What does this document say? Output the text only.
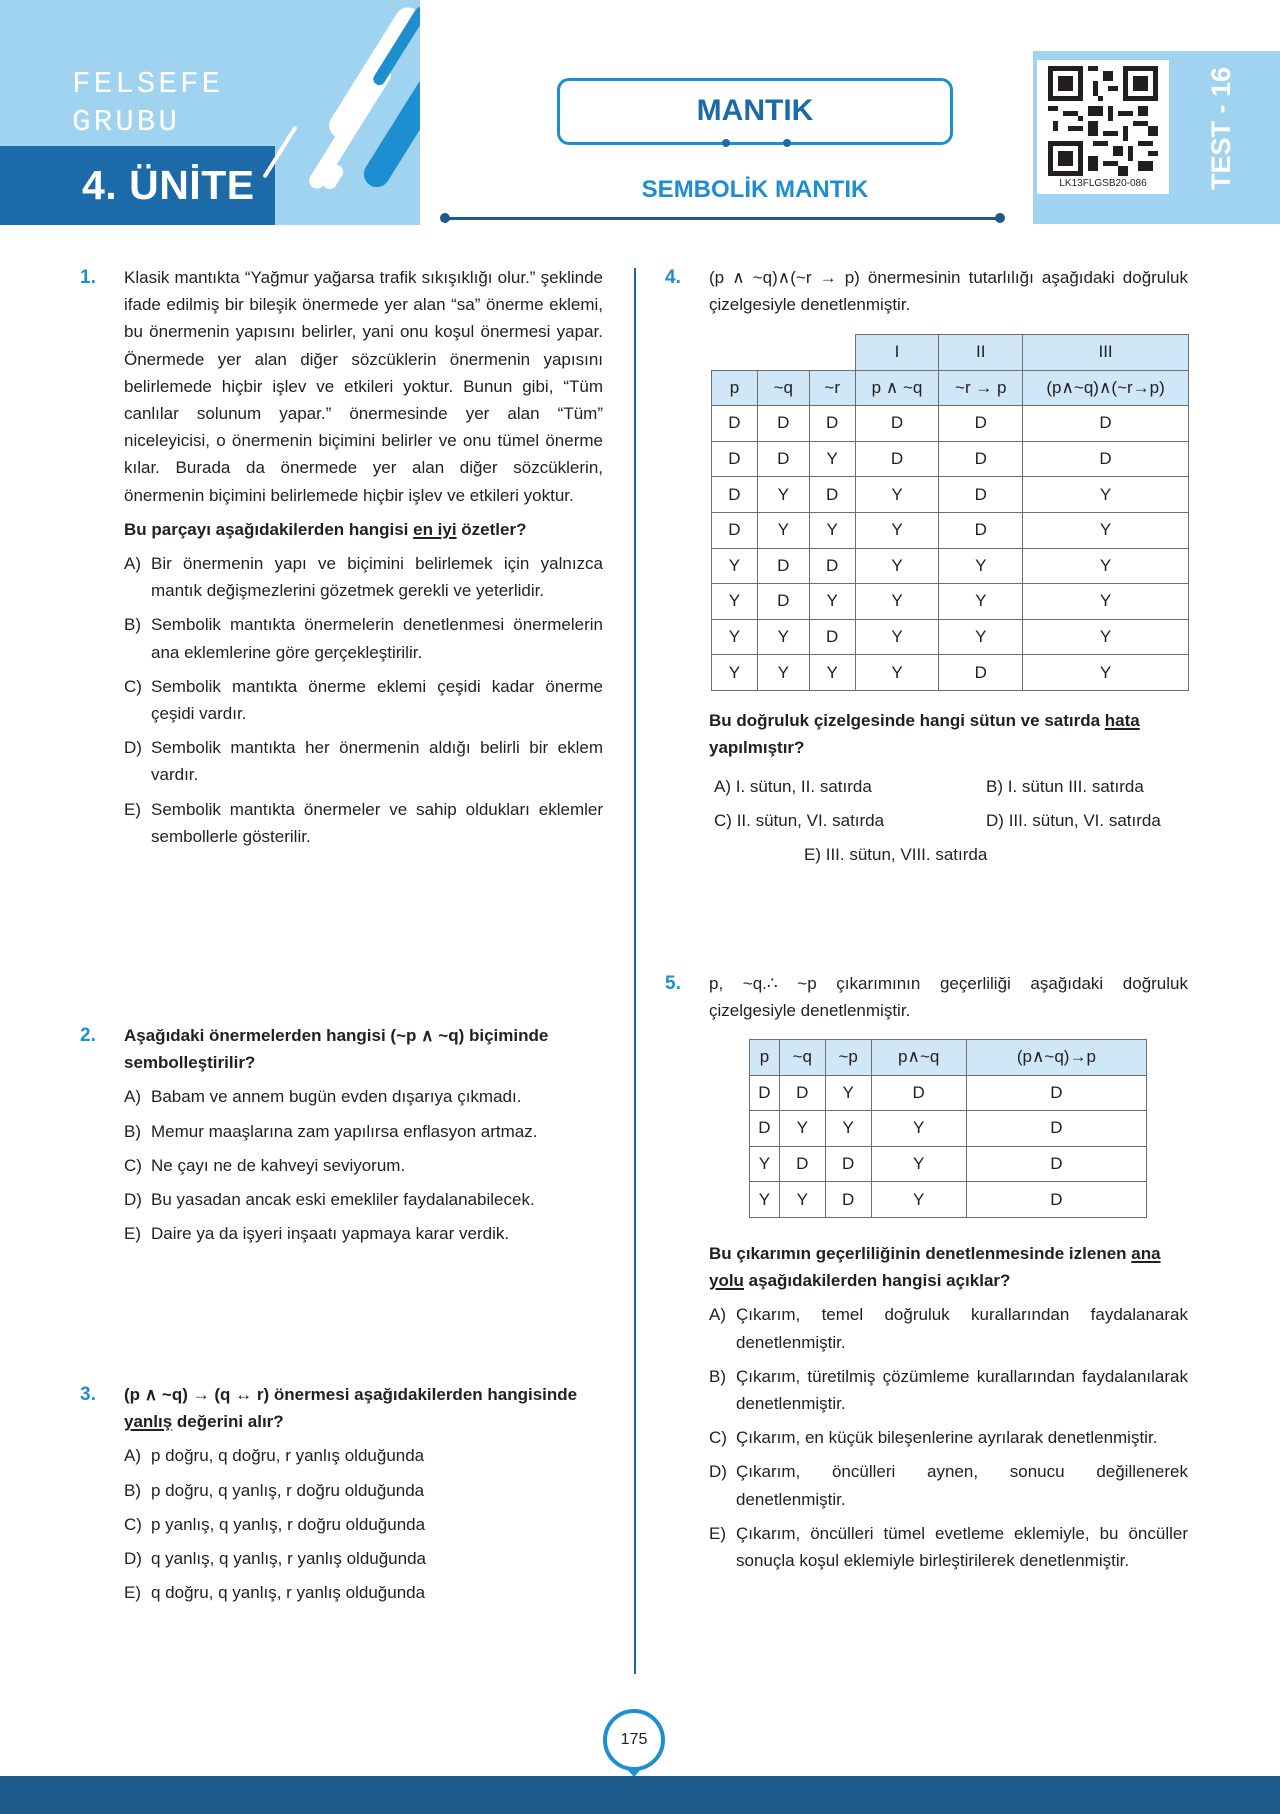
FELSEFE
GRUBU
4. ÜNİTE
MANTIK
SEMBOLİK MANTIK	LK13FLGSB20-086	TEST - 16
1. Klasik mantıkta “Yağmur yağarsa trafik sıkışıklığı olur.” şeklinde ifade edilmiş bir bileşik önermede yer alan “sa” önerme eklemi, bu önermenin yapısını belirler, yani onu koşul önermesi yapar. Önermede yer alan diğer sözcüklerin önermenin yapısını belirlemede hiçbir işlev ve etkileri yoktur. Bunun gibi, “Tüm canlılar solunum yapar.” önermesinde yer alan “Tüm” niceleyicisi, o önermenin biçimini belirler ve onu tümel önerme kılar. Burada da önermede yer alan diğer sözcüklerin, önermenin biçimini belirlemede hiçbir işlev ve etkileri yoktur.
Bu parçayı aşağıdakilerden hangisi en iyi özetler?
A) Bir önermenin yapı ve biçimini belirlemek için yalnızca mantık değişmezlerini gözetmek gerekli ve yeterlidir.
B) Sembolik mantıkta önermelerin denetlenmesi önermelerin ana eklemlerine göre gerçekleştirilir.
C) Sembolik mantıkta önerme eklemi çeşidi kadar önerme çeşidi vardır.
D) Sembolik mantıkta her önermenin aldığı belirli bir eklem vardır.
E) Sembolik mantıkta önermeler ve sahip oldukları eklemler sembollerle gösterilir.
2. Aşağıdaki önermelerden hangisi (~p ∧ ~q) biçiminde sembolleştirilir?
A) Babam ve annem bugün evden dışarıya çıkmadı.
B) Memur maaşlarına zam yapılırsa enflasyon artmaz.
C) Ne çayı ne de kahveyi seviyorum.
D) Bu yasadan ancak eski emekliler faydalanabilecek.
E) Daire ya da işyeri inşaatı yapmaya karar verdik.
3. (p ∧ ~q) → (q ↔ r) önermesi aşağıdakilerden hangisinde yanlış değerini alır?
A) p doğru, q doğru, r yanlış olduğunda
B) p doğru, q yanlış, r doğru olduğunda
C) p yanlış, q yanlış, r doğru olduğunda
D) q yanlış, q yanlış, r yanlış olduğunda
E) q doğru, q yanlış, r yanlış olduğunda
4. (p ∧ ~q)∧(~r → p) önermesinin tutarlılığı aşağıdaki doğruluk çizelgesiyle denetlenmiştir.
			I	II	III
p	~q	~r	p ∧ ~q	~r → p	(p∧~q)∧(~r→p)
D	D	D	D	D	D
D	D	Y	D	D	D
D	Y	D	Y	D	Y
D	Y	Y	Y	D	Y
Y	D	D	Y	Y	Y
Y	D	Y	Y	Y	Y
Y	Y	D	Y	Y	Y
Y	Y	Y	Y	D	Y
Bu doğruluk çizelgesinde hangi sütun ve satırda hata yapılmıştır?
A) I. sütun, II. satırda	B) I. sütun III. satırda
C) II. sütun, VI. satırda	D) III. sütun, VI. satırda
E) III. sütun, VIII. satırda
5. p, ~q.∴ ~p çıkarımının geçerliliği aşağıdaki doğruluk çizelgesiyle denetlenmiştir.
p	~q	~p	p∧~q	(p∧~q)→p
D	D	Y	D	D
D	Y	Y	Y	D
Y	D	D	Y	D
Y	Y	D	Y	D
Bu çıkarımın geçerliliğinin denetlenmesinde izlenen ana yolu aşağıdakilerden hangisi açıklar?
A) Çıkarım, temel doğruluk kurallarından faydalanarak denetlenmiştir.
B) Çıkarım, türetilmiş çözümleme kurallarından faydalanılarak denetlenmiştir.
C) Çıkarım, en küçük bileşenlerine ayrılarak denetlenmiştir.
D) Çıkarım, öncülleri aynen, sonucu değillenerek denetlenmiştir.
E) Çıkarım, öncülleri tümel evetleme eklemiyle, bu öncüller sonuçla koşul eklemiyle birleştirilerek denetlenmiştir.
175
